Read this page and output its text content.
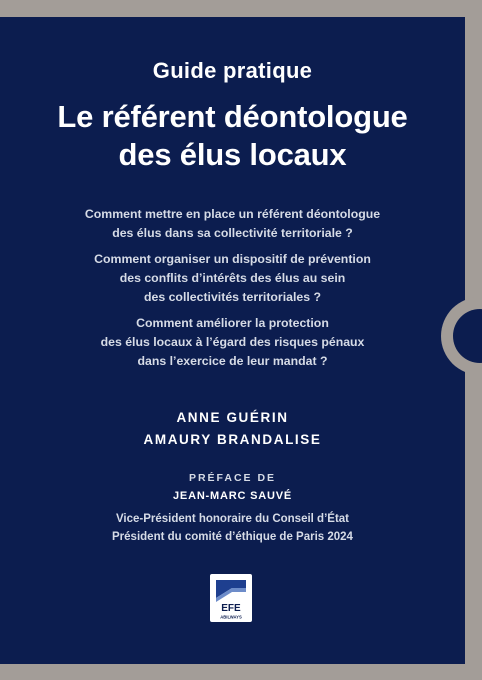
Guide pratique
Le référent déontologue
des élus locaux
Comment mettre en place un référent déontologue
des élus dans sa collectivité territoriale ?
Comment organiser un dispositif de prévention
des conflits d’intérêts des élus au sein
des collectivités territoriales ?
Comment améliorer la protection
des élus locaux à l’égard des risques pénaux
dans l’exercice de leur mandat ?
ANNE GUÉRIN
AMAURY BRANDALISE
PRÉFACE DE
JEAN-MARC SAUVÉ
Vice-Président honoraire du Conseil d’État
Président du comité d’éthique de Paris 2024
EFE
ABILWAYS
